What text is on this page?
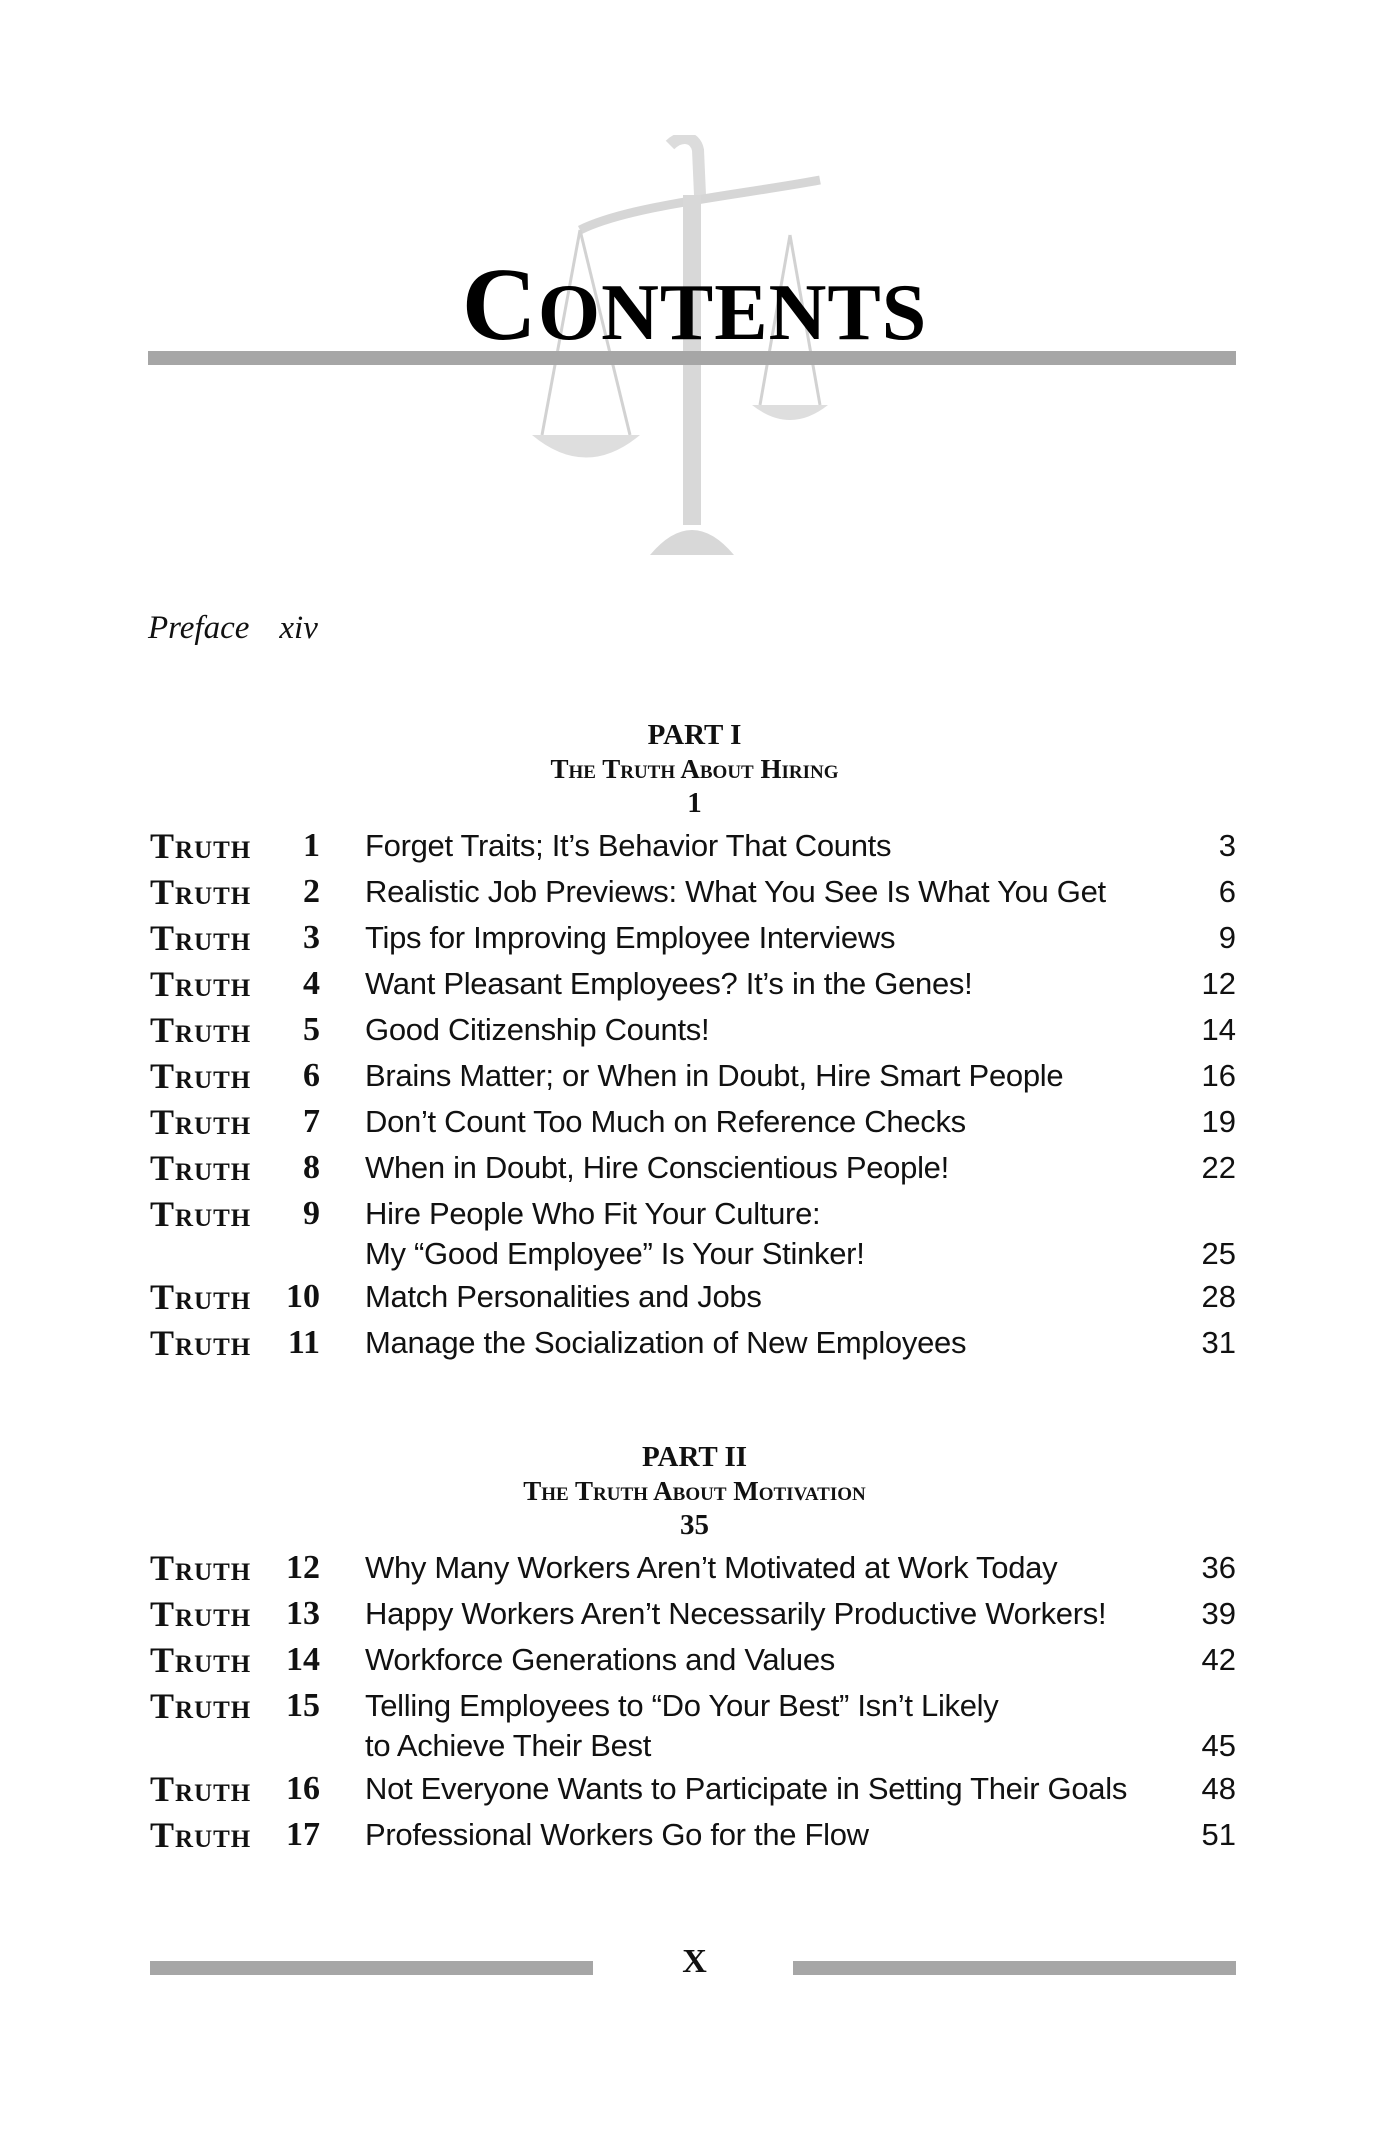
CONTENTS
Preface xiv
PART I
The Truth About Hiring
1
Truth	1 Forget Traits; It’s Behavior That Counts	3
Truth	2 Realistic Job Previews: What You See Is What You Get	6
Truth	3 Tips for Improving Employee Interviews	9
Truth	4 Want Pleasant Employees? It’s in the Genes!	12
Truth	5 Good Citizenship Counts!	14
Truth	6 Brains Matter; or When in Doubt, Hire Smart People	16
Truth	7 Don’t Count Too Much on Reference Checks	19
Truth	8 When in Doubt, Hire Conscientious People!	22
Truth	9 Hire People Who Fit Your Culture:
My “Good Employee” Is Your Stinker!	25
Truth	10 Match Personalities and Jobs	28
Truth	11 Manage the Socialization of New Employees	31
PART II
The Truth About Motivation
35
Truth	12 Why Many Workers Aren’t Motivated at Work Today	36
Truth	13 Happy Workers Aren’t Necessarily Productive Workers!	39
Truth	14 Workforce Generations and Values	42
Truth	15 Telling Employees to “Do Your Best” Isn’t Likely
to Achieve Their Best	45
Truth	16 Not Everyone Wants to Participate in Setting Their Goals	48
Truth	17 Professional Workers Go for the Flow	51
X
